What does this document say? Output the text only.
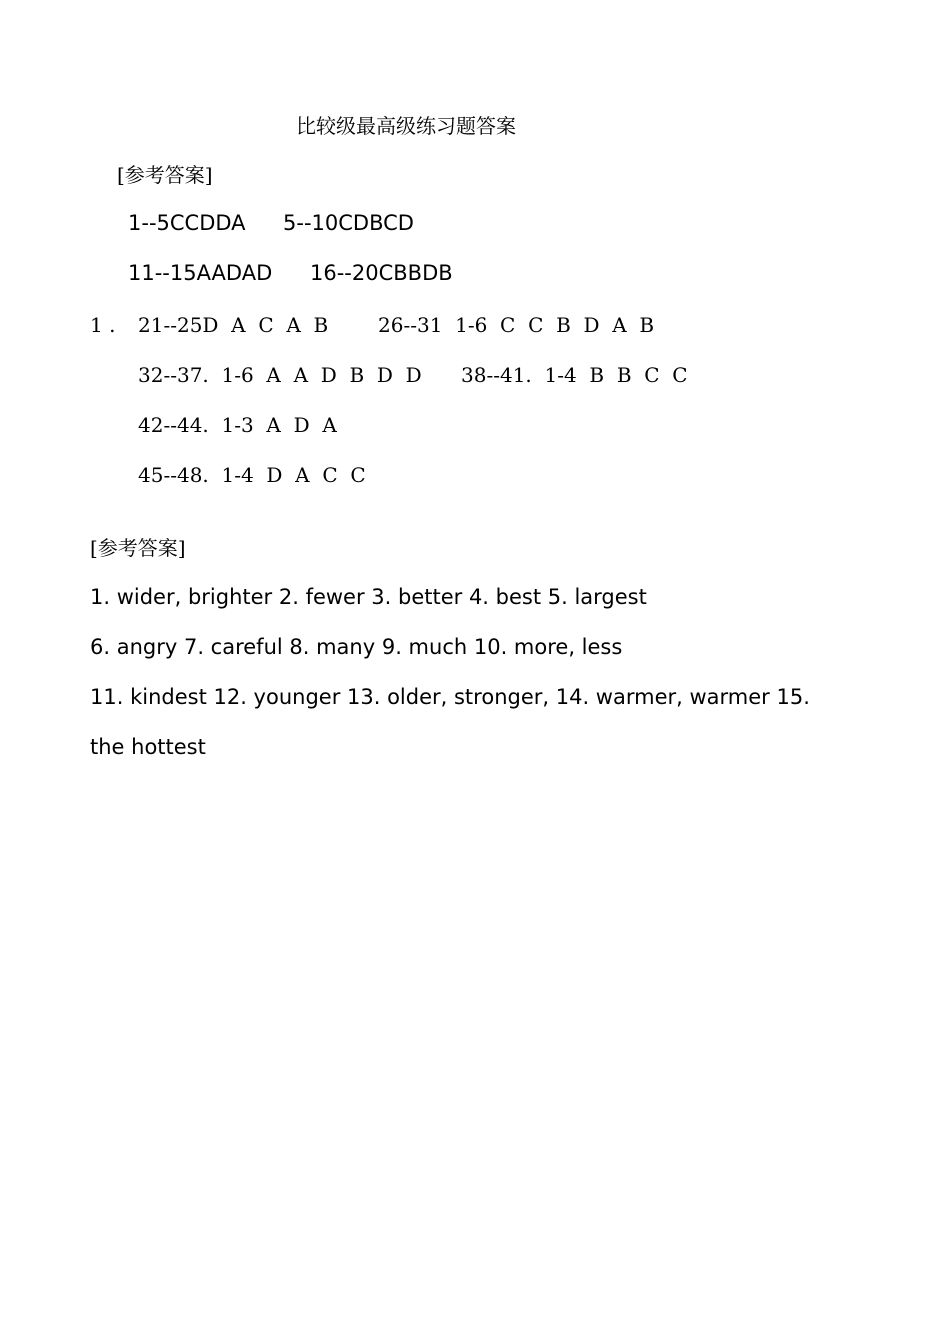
比较级最高级练习题答案
[参考答案]
1--5CCDDA 5--10CDBCD
11--15AADAD 16--20CBBDB
1 . 21--25D  A  C  A  B 26--31  1-6  C  C  B  D  A  B
32--37.  1-6  A  A  D  B  D  D 38--41.  1-4  B  B  C  C
42--44.  1-3  A  D  A
45--48.  1-4  D  A  C  C
[参考答案]
1. wider, brighter 2. fewer 3. better 4. best 5. largest
6. angry 7. careful 8. many 9. much 10. more, less
11. kindest 12. younger 13. older, stronger, 14. warmer, warmer 15.
the hottest
